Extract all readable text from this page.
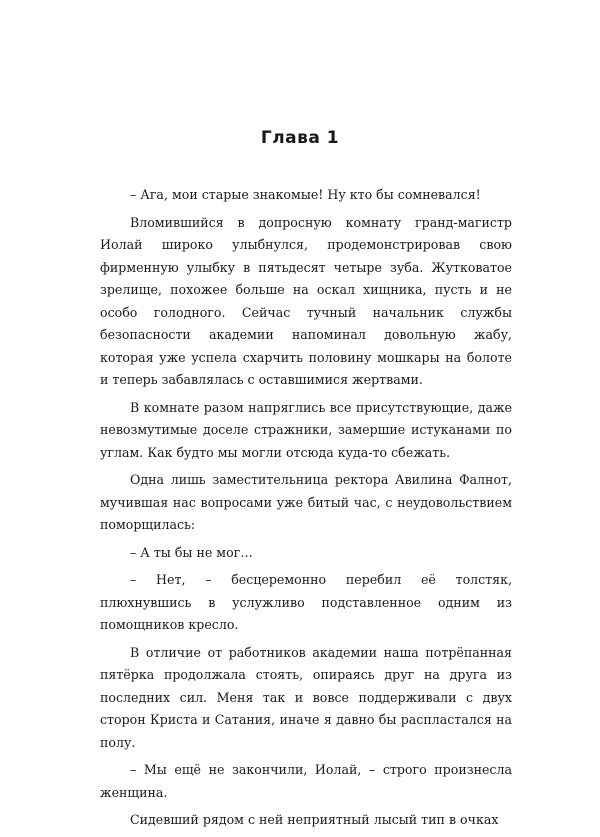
Глава 1

– Ага, мои старые знакомые! Ну кто бы сомневался!

Вломившийся в допросную комнату гранд-магистр Иолай широко улыбнулся, продемонстрировав свою фирменную улыбку в пятьдесят четыре зуба. Жутковатое зрелище, похожее больше на оскал хищника, пусть и не особо голодного. Сейчас тучный начальник службы безопасности академии напоминал довольную жабу, которая уже успела схарчить половину мошкары на болоте и теперь забавлялась с оставшимися жертвами.

В комнате разом напряглись все присутствующие, даже невозмутимые доселе стражники, замершие истуканами по углам. Как будто мы могли отсюда куда-то сбежать.

Одна лишь заместительница ректора Авилина Фалнот, мучившая нас вопросами уже битый час, с неудовольствием поморщилась:

– А ты бы не мог…

– Нет, – бесцеремонно перебил её толстяк, плюхнувшись в услужливо подставленное одним из помощников кресло.

В отличие от работников академии наша потрёпанная пятёрка продолжала стоять, опираясь друг на друга из последних сил. Меня так и вовсе поддерживали с двух сторон Криста и Сатания, иначе я давно бы распластался на полу.

– Мы ещё не закончили, Иолай, – строго произнесла женщина.

Сидевший рядом с ней неприятный лысый тип в очках
